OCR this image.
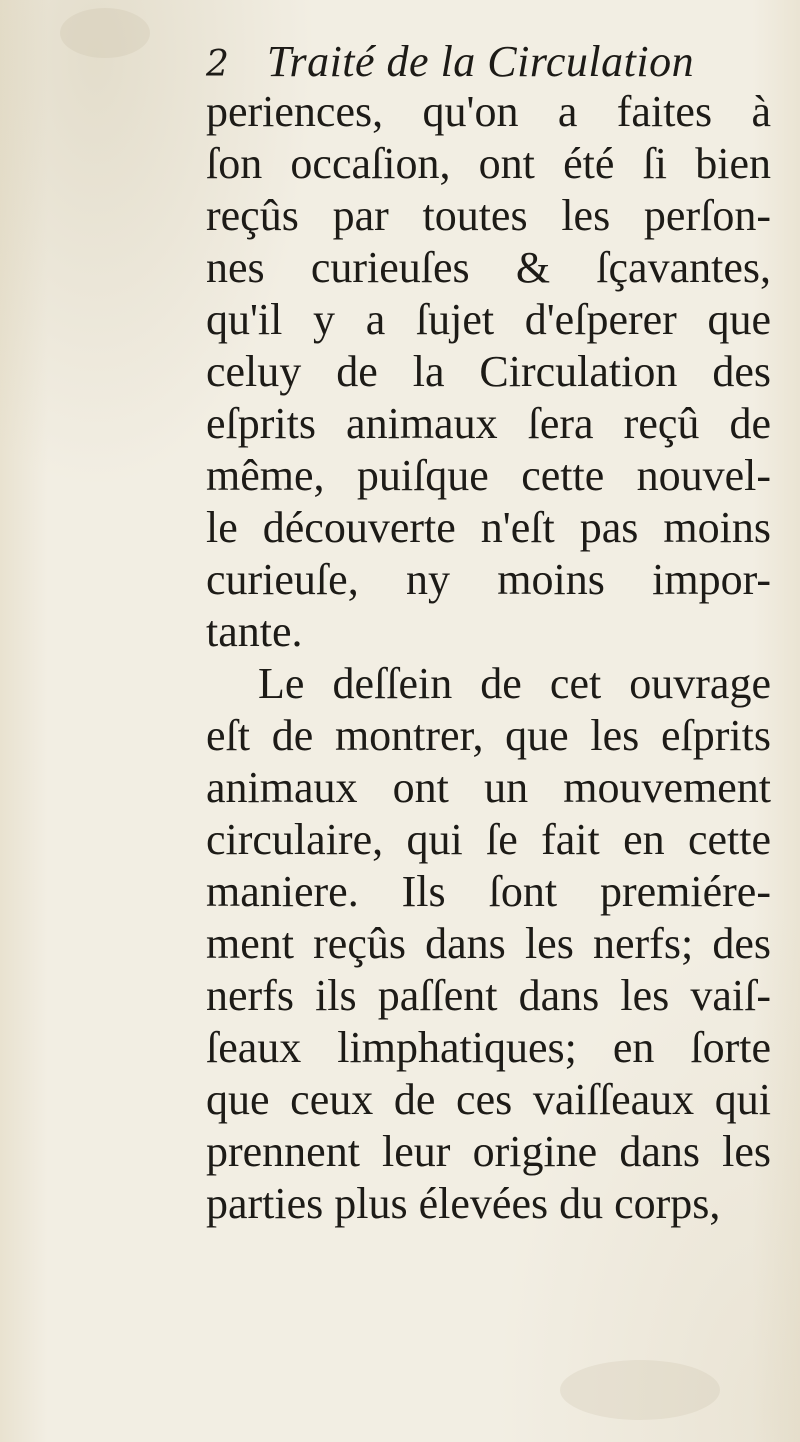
2 Traité de la Circulation
periences, qu'on a faites à
ſon occaſion, ont été ſi bien
reçûs par toutes les perſon-
nes curieuſes & ſçavantes,
qu'il y a ſujet d'eſperer que
celuy de la Circulation des
eſprits animaux ſera reçû de
même, puiſque cette nouvel-
le découverte n'eſt pas moins
curieuſe, ny moins impor-
tante.
Le deſſein de cet ouvrage
eſt de montrer, que les eſprits
animaux ont un mouvement
circulaire, qui ſe fait en cette
maniere. Ils ſont premiére-
ment reçûs dans les nerfs; des
nerfs ils paſſent dans les vaiſ-
ſeaux limphatiques; en ſorte
que ceux de ces vaiſſeaux qui
prennent leur origine dans les
parties plus élevées du corps,
